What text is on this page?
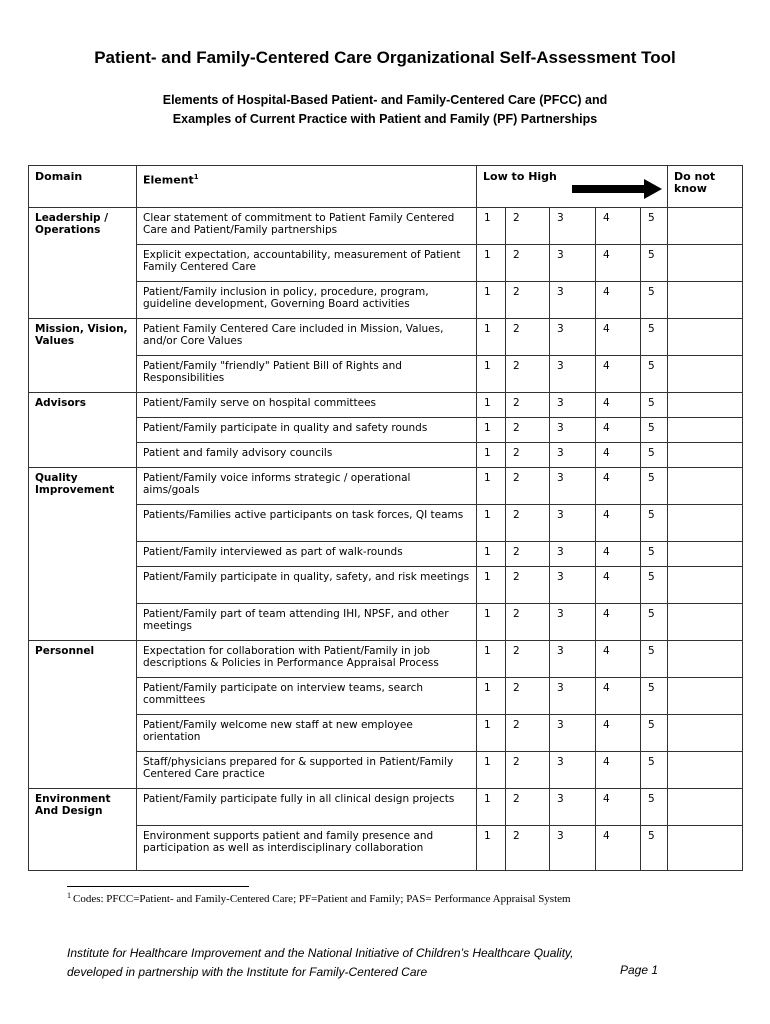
Patient- and Family-Centered Care Organizational Self-Assessment Tool
Elements of Hospital-Based Patient- and Family-Centered Care (PFCC) and
Examples of Current Practice with Patient and Family (PF) Partnerships
Domain	Element$^1$	Low to High					Do not know
Leadership / Operations	Clear statement of commitment to Patient Family Centered Care and Patient/Family partnerships	1	2	3	4	5	
	Explicit expectation, accountability, measurement of Patient Family Centered Care	1	2	3	4	5	
	Patient/Family inclusion in policy, procedure, program, guideline development, Governing Board activities	1	2	3	4	5	
Mission, Vision, Values	Patient Family Centered Care included in Mission, Values, and/or Core Values	1	2	3	4	5	
	Patient/Family "friendly" Patient Bill of Rights and Responsibilities	1	2	3	4	5	
Advisors	Patient/Family serve on hospital committees	1	2	3	4	5	
	Patient/Family participate in quality and safety rounds	1	2	3	4	5	
	Patient and family advisory councils	1	2	3	4	5	
Quality Improvement	Patient/Family voice informs strategic / operational aims/goals	1	2	3	4	5	
	Patients/Families active participants on task forces, QI teams	1	2	3	4	5	
	Patient/Family interviewed as part of walk-rounds	1	2	3	4	5	
	Patient/Family participate in quality, safety, and risk meetings	1	2	3	4	5	
	Patient/Family part of team attending IHI, NPSF, and other meetings	1	2	3	4	5	
Personnel	Expectation for collaboration with Patient/Family in job descriptions & Policies in Performance Appraisal Process	1	2	3	4	5	
	Patient/Family participate on interview teams, search committees	1	2	3	4	5	
	Patient/Family welcome new staff at new employee orientation	1	2	3	4	5	
	Staff/physicians prepared for & supported in Patient/Family Centered Care practice	1	2	3	4	5	
Environment And Design	Patient/Family participate fully in all clinical design projects	1	2	3	4	5	
	Environment supports patient and family presence and participation as well as interdisciplinary collaboration	1	2	3	4	5	
$^1$ Codes: PFCC=Patient- and Family-Centered Care; PF=Patient and Family; PAS= Performance Appraisal System
Institute for Healthcare Improvement and the National Initiative of Children’s Healthcare Quality,
developed in partnership with the Institute for Family-Centered Care	Page 1
